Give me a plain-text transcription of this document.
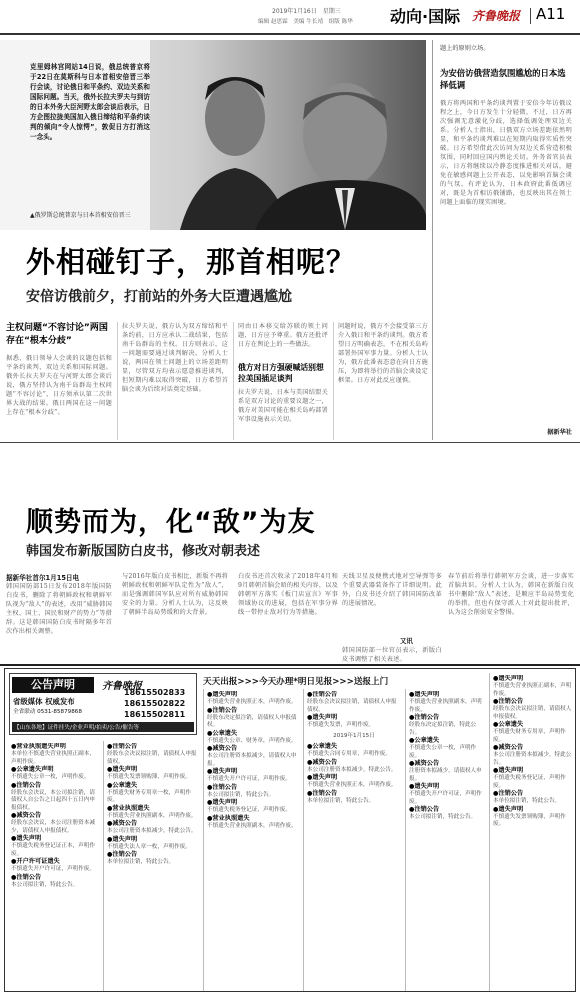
2019年1月16日　星期三
编辑 赵思霖　美编 牛长靖　组版 陈华 动向·国际 齐鲁晚报 A11
克里姆林宫网站14日说，俄总统普京将于22日在莫斯科与日本首相安倍晋三举行会谈，讨论俄日和平条约、双边关系和国际问题。当天，俄外长拉夫罗夫与到访的日本外务大臣河野太郎会谈后表示，日方企图拉拢美国加入俄日缔结和平条约谈判的倾向“令人惊愕”，敦促日方打消这一念头。
▲俄罗斯总统普京与日本首相安倍晋三
题上的原则立场。
为安倍访俄营造氛围尴尬的日本选择低调
俄方将两国和平条约谈判置于安倍今年访俄议程之上，今日方发生十分轻微，不过，日方再次强调无意激化分歧，选择低调处理双边关系。分析人士指出，日俄双方立场差距依然明显，和平条约谈判难以在短期内取得实质性突破。日方希望借此次访问为双边关系营造积极氛围，同时回应国内舆论关切。外务省官员表示，日方将继续以冷静态度推进相关对话，避免在敏感问题上公开表态，以免影响首脑会谈的气氛。有评论认为，日本政府此番低调应对，既是为首相访俄铺路，也反映出其在领土问题上面临的现实困境。
据新华社
外相碰钉子，那首相呢？
安倍访俄前夕，打前站的外务大臣遭遇尴尬
主权问题“不容讨论”两国存在“根本分歧”
据悉，俄日领导人会谈的议题包括和平条约谈判、双边关系和国际问题。俄外长拉夫罗夫在与河野太郎会谈后说，俄方坚持认为南千岛群岛主权问题“不容讨论”，日方须承认第二次世界大战的结果。俄日两国在这一问题上存在“根本分歧”。
拉夫罗夫说，俄方认为双方缔结和平条约前，日方应承认二战结果，包括南千岛群岛的主权。日方则表示，这一问题需要通过谈判解决。分析人士说，两国在领土问题上的立场差距明显，尽管双方均表示愿意推进谈判，但短期内难以取得突破，日方希望首脑会谈为后续对话奠定基础。
同由日本移交给苏联的领土问题，日方应予尊重。俄方还批评日方在舆论上的一些做法。
俄方对日方强硬喊话别想拉美国插足谈判
拉夫罗夫说，日本与美国结盟关系是双方讨论的重要议题之一，俄方对美国可能在相关岛屿部署军事设施表示关切。
问题时说，俄方不会接受第三方介入俄日和平条约谈判。俄方希望日方明确表态，不在相关岛屿部署外国军事力量。分析人士认为，俄方此番表态意在向日方施压，为即将举行的首脑会谈设定框架。日方对此反应谨慎。
顺势而为，化“敌”为友
韩国发布新版国防白皮书，修改对朝表述
据新华社首尔1月15日电
韩国国防部15日发布2018年版国防白皮书，删除了将朝鲜政权和朝鲜军队视为“敌人”的表述，改用“威胁韩国主权、国土、国民和财产的势力”等措辞。这是韩国国防白皮书时隔多年首次作出相关调整。
与2016年版白皮书相比，新版不再将朝鲜政权和朝鲜军队定性为“敌人”，而是强调韩国军队应对所有威胁韩国安全的力量。分析人士认为，这反映了朝鲜半岛局势缓和的大背景。
白皮书还首次收录了2018年4月和9月韩朝首脑会晤的相关内容，以及韩朝军方落实《板门店宣言》军事领域协议的进展，包括在军事分界线一带停止敌对行为等措施。
天线卫星及便携式地对空导弹等多个重要武器装备作了详细说明。此外，白皮书还介绍了韩国国防改革的进展情况。
又讯
韩国国防部一位官员表示，新版白皮书调整了相关表述。
春节前后将举行韩朝军方会谈，进一步落实首脑共识。分析人士认为，韩国在新版白皮书中删除“敌人”表述，是顺应半岛局势变化的举措，但也有保守派人士对此提出批评，认为这会削弱安全警惕。
公告声明	齐鲁晚报
省级媒体 权威发布
全省联动 0531-85879868
18615502833
18615502822
18615502811
【山东各地】证件挂失/企业声明/拍卖/公告/催告等
天天出报>>>今天办理*明日见报>>>送报上门
●营业执照遗失声明
本单位不慎遗失营业执照正副本，声明作废。
●公章遗失声明
不慎遗失公章一枚，声明作废。
●注销公告
经股东会决议，本公司拟注销，请债权人自公告之日起四十五日内申报债权。
●减资公告
经股东会决议，本公司注册资本减少，请债权人申报债权。
●遗失声明
不慎遗失税务登记证正本，声明作废。
●开户许可证遗失
不慎遗失开户许可证，声明作废。
●注销公告
本公司拟注销，特此公告。
●注销公告
经股东会决议拟注销，请债权人申报债权。
●遗失声明
不慎遗失发票领购簿，声明作废。
●公章遗失
不慎遗失财务专用章一枚，声明作废。
●营业执照遗失
不慎遗失营业执照副本，声明作废。
●减资公告
本公司注册资本拟减少，特此公告。
●遗失声明
不慎遗失法人章一枚，声明作废。
●注销公告
本单位拟注销，特此公告。
●遗失声明
不慎遗失营业执照正本，声明作废。
●注销公告
经股东决定拟注销，请债权人申报债权。
●公章遗失
不慎遗失公章、财务章，声明作废。
●减资公告
本公司注册资本拟减少，请债权人申报。
●遗失声明
不慎遗失开户许可证，声明作废。
●注销公告
本公司拟注销，特此公告。
●遗失声明
不慎遗失税务登记证，声明作废。
●营业执照遗失
不慎遗失营业执照副本，声明作废。
●注销公告
经股东会决议拟注销，请债权人申报债权。
●遗失声明
不慎遗失发票，声明作废。
2019年1月15日
●公章遗失
不慎遗失合同专用章，声明作废。
●减资公告
本公司注册资本拟减少，特此公告。
●遗失声明
不慎遗失营业执照正本，声明作废。
●注销公告
本单位拟注销，特此公告。
●遗失声明
不慎遗失营业执照副本，声明作废。
●注销公告
经股东决定拟注销，特此公告。
●公章遗失
不慎遗失公章一枚，声明作废。
●减资公告
注册资本拟减少，请债权人申报。
●遗失声明
不慎遗失开户许可证，声明作废。
●注销公告
本公司拟注销，特此公告。
●遗失声明
不慎遗失营业执照正副本，声明作废。
●注销公告
经股东会决议拟注销，请债权人申报债权。
●公章遗失
不慎遗失财务专用章，声明作废。
●减资公告
本公司注册资本拟减少，特此公告。
●遗失声明
不慎遗失税务登记证，声明作废。
●注销公告
本单位拟注销，特此公告。
●遗失声明
不慎遗失发票领购簿，声明作废。
